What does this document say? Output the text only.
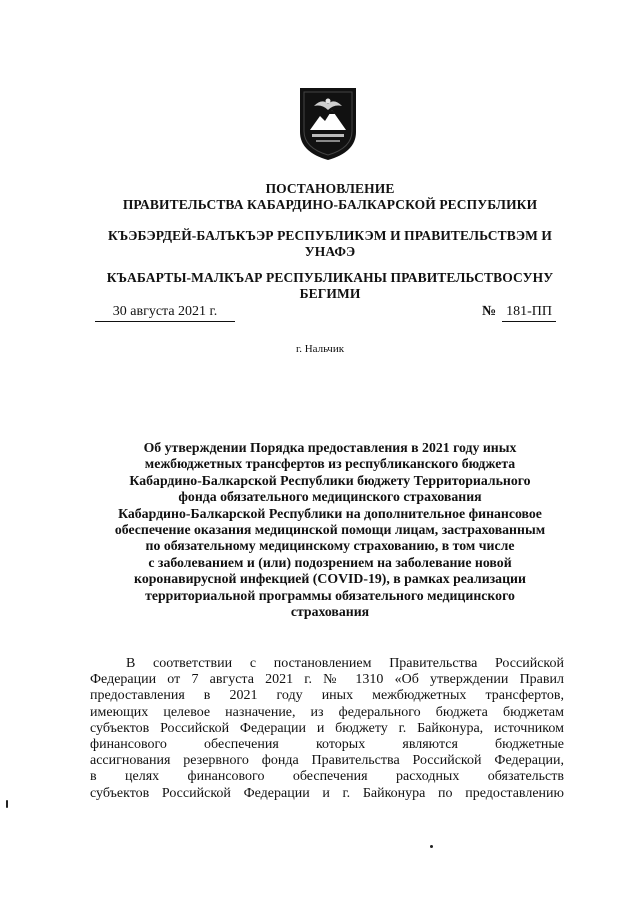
ПОСТАНОВЛЕНИЕ
ПРАВИТЕЛЬСТВА КАБАРДИНО-БАЛКАРСКОЙ РЕСПУБЛИКИ
КЪЭБЭРДЕЙ-БАЛЪКЪЭР РЕСПУБЛИКЭМ И ПРАВИТЕЛЬСТВЭМ И
УНАФЭ
КЪАБАРТЫ-МАЛКЪАР РЕСПУБЛИКАНЫ ПРАВИТЕЛЬСТВОСУНУ
БЕГИМИ
30 августа 2021 г.	№ 181-ПП
г. Нальчик
Об утверждении Порядка предоставления в 2021 году иных
межбюджетных трансфертов из республиканского бюджета
Кабардино-Балкарской Республики бюджету Территориального
фонда обязательного медицинского страхования
Кабардино-Балкарской Республики на дополнительное финансовое
обеспечение оказания медицинской помощи лицам, застрахованным
по обязательному медицинскому страхованию, в том числе
с заболеванием и (или) подозрением на заболевание новой
коронавирусной инфекцией (COVID-19), в рамках реализации
территориальной программы обязательного медицинского
страхования
В соответствии с постановлением Правительства Российской
Федерации от 7 августа 2021 г. № 1310 «Об утверждении Правил
предоставления в 2021 году иных межбюджетных трансфертов,
имеющих целевое назначение, из федерального бюджета бюджетам
субъектов Российской Федерации и бюджету г. Байконура, источником
финансового обеспечения которых являются бюджетные
ассигнования резервного фонда Правительства Российской Федерации,
в целях финансового обеспечения расходных обязательств
субъектов Российской Федерации и г. Байконура по предоставлению
